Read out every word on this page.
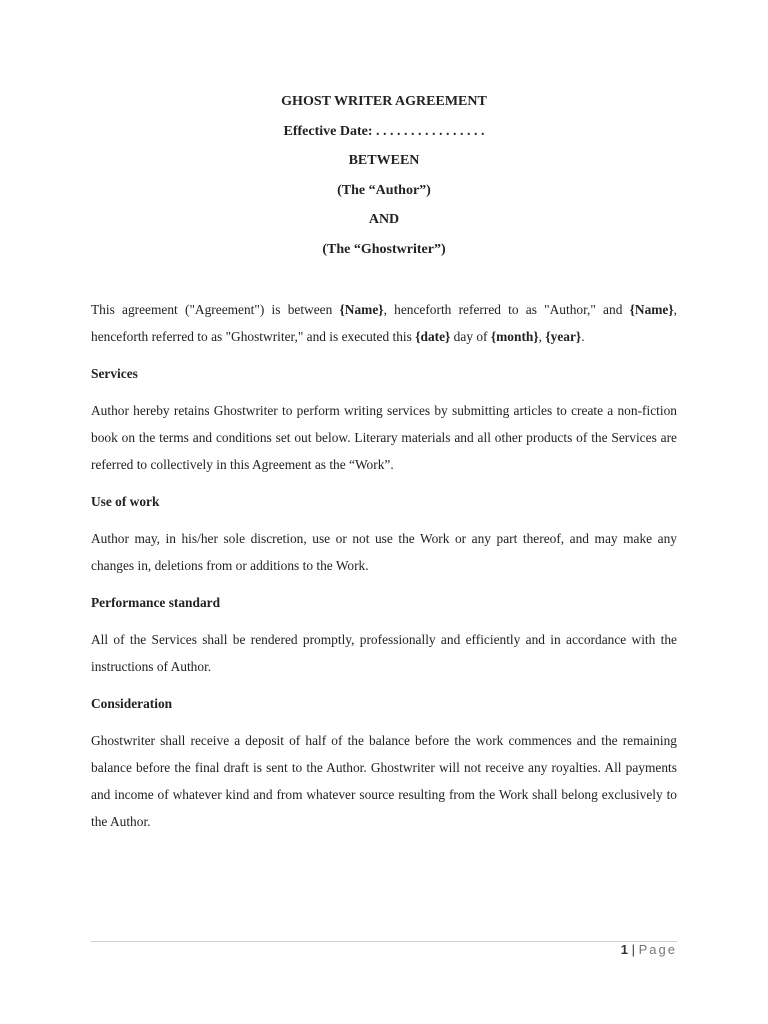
GHOST WRITER AGREEMENT

Effective Date: . . . . . . . . . . . . . . . .

BETWEEN

(The “Author”)

AND

(The “Ghostwriter”)

This agreement ("Agreement") is between {Name}, henceforth referred to as "Author," and {Name}, henceforth referred to as "Ghostwriter," and is executed this {date} day of {month}, {year}.

Services

Author hereby retains Ghostwriter to perform writing services by submitting articles to create a non-fiction book on the terms and conditions set out below. Literary materials and all other products of the Services are referred to collectively in this Agreement as the “Work”.

Use of work

Author may, in his/her sole discretion, use or not use the Work or any part thereof, and may make any changes in, deletions from or additions to the Work.

Performance standard

All of the Services shall be rendered promptly, professionally and efficiently and in accordance with the instructions of Author.

Consideration

Ghostwriter shall receive a deposit of half of the balance before the work commences and the remaining balance before the final draft is sent to the Author. Ghostwriter will not receive any royalties. All payments and income of whatever kind and from whatever source resulting from the Work shall belong exclusively to the Author.

1 | Page
